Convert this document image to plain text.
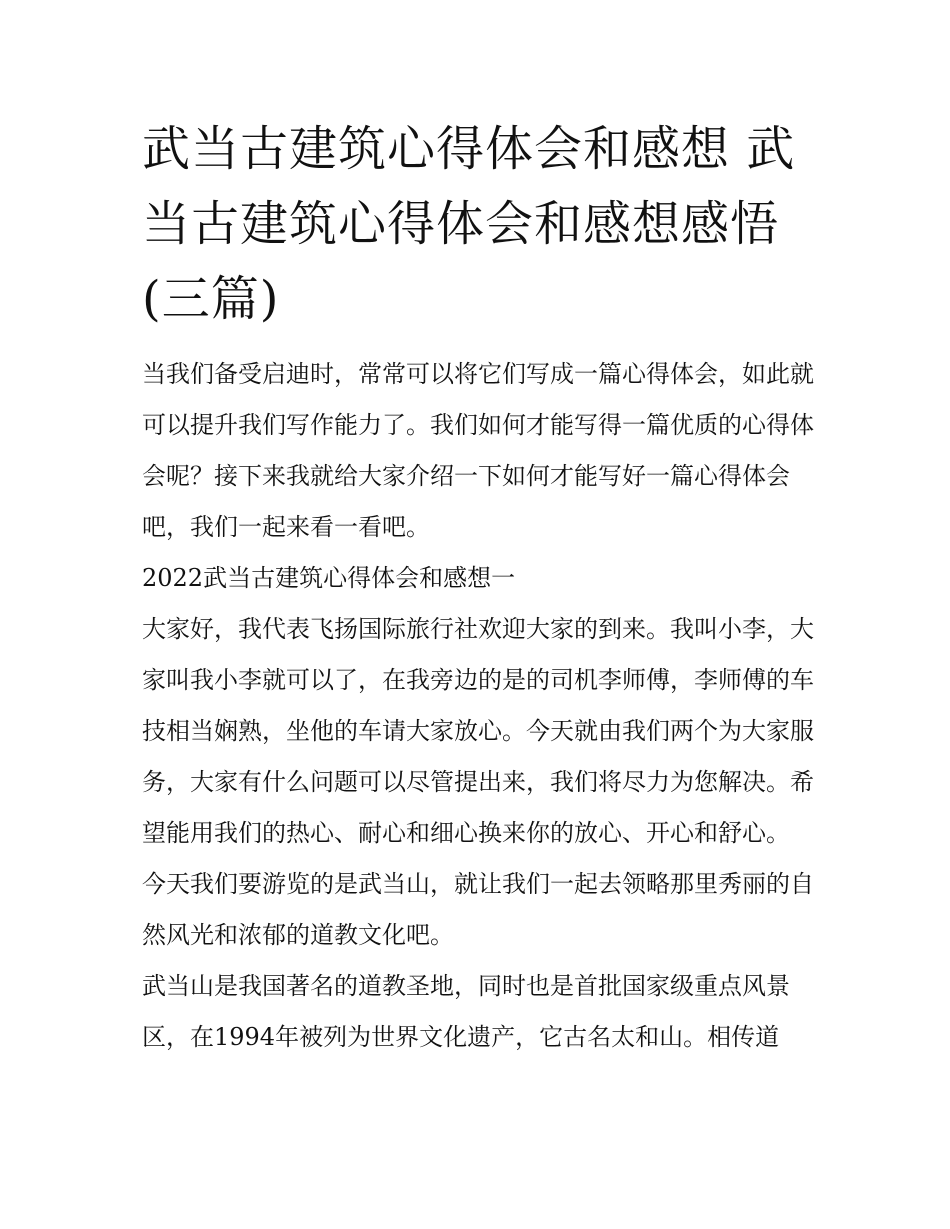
武当古建筑心得体会和感想 武当古建筑心得体会和感想感悟(三篇)

当我们备受启迪时，常常可以将它们写成一篇心得体会，如此就可以提升我们写作能力了。我们如何才能写得一篇优质的心得体会呢？接下来我就给大家介绍一下如何才能写好一篇心得体会吧，我们一起来看一看吧。

2022武当古建筑心得体会和感想一

大家好，我代表飞扬国际旅行社欢迎大家的到来。我叫小李，大家叫我小李就可以了，在我旁边的是的司机李师傅，李师傅的车技相当娴熟，坐他的车请大家放心。今天就由我们两个为大家服务，大家有什么问题可以尽管提出来，我们将尽力为您解决。希望能用我们的热心、耐心和细心换来你的放心、开心和舒心。

今天我们要游览的是武当山，就让我们一起去领略那里秀丽的自然风光和浓郁的道教文化吧。

武当山是我国著名的道教圣地，同时也是首批国家级重点风景区，在1994年被列为世界文化遗产，它古名太和山。相传道
